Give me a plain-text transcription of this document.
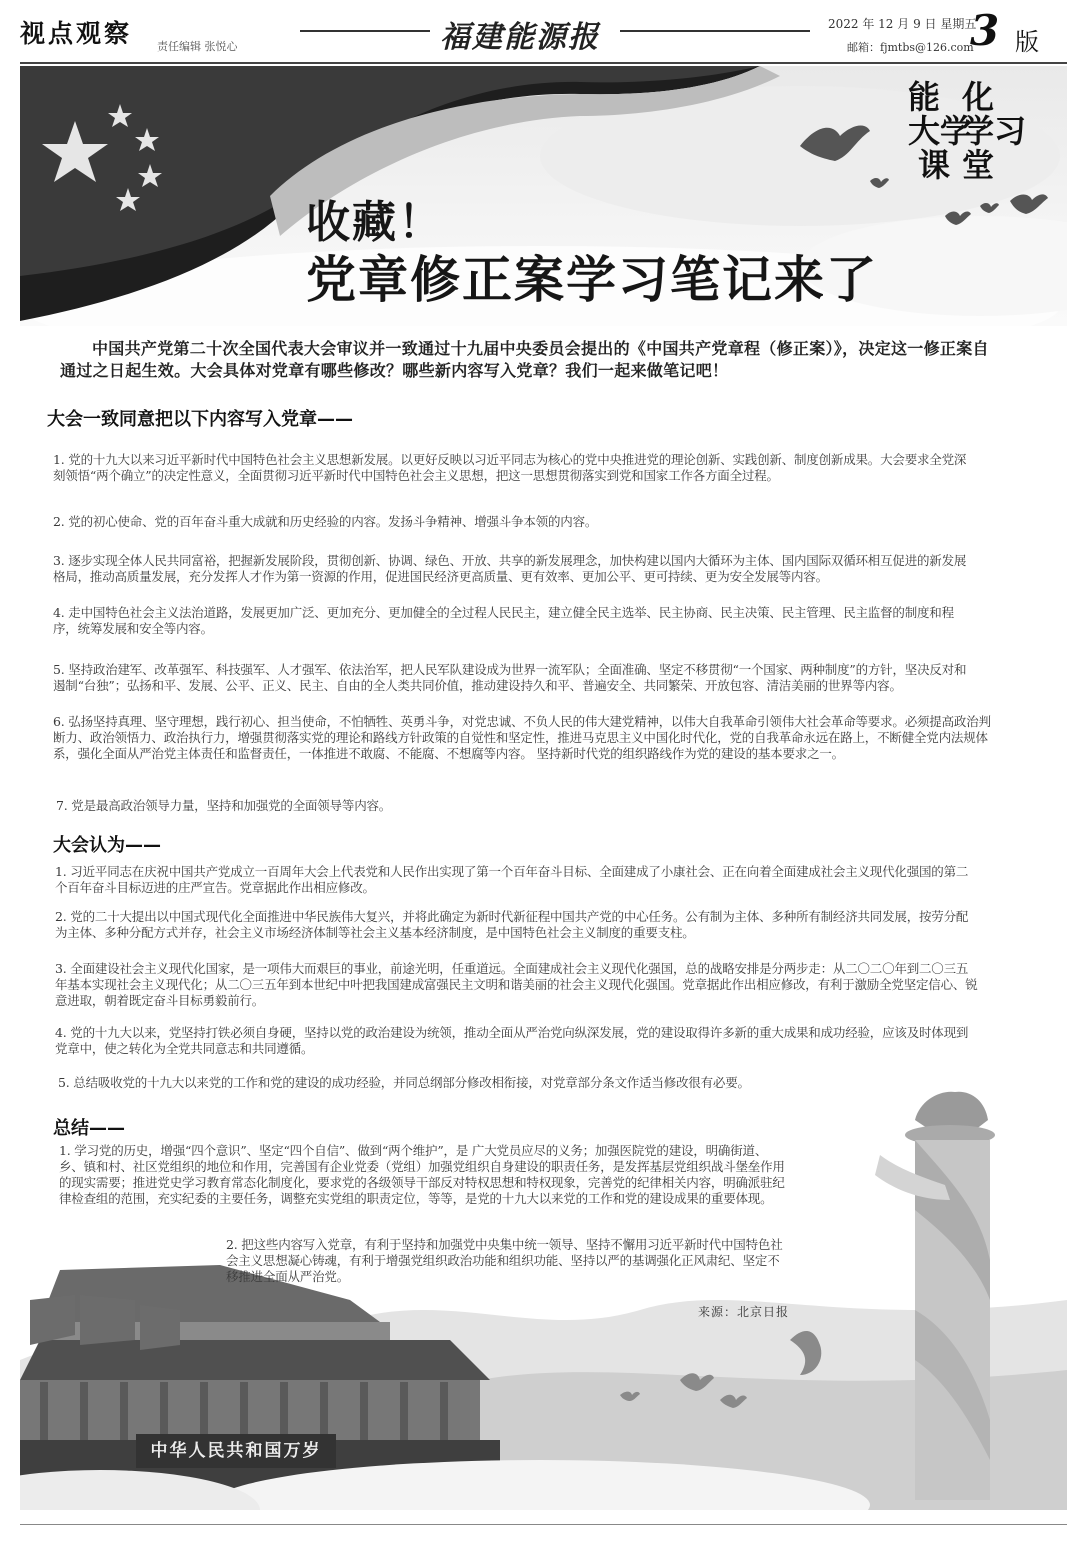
视点观察 责任编辑 张悦心	福建能源报	2022 年 12 月 9 日 星期五
邮箱：fjmtbs@126.com
3 版
收藏！
党章修正案学习笔记来了
能
大学
课
化
学习
堂
中国共产党第二十次全国代表大会审议并一致通过十九届中央委员会提出的《中国共产党章程（修正案）》，决定这一修正案自通过之日起生效。大会具体对党章有哪些修改？哪些新内容写入党章？我们一起来做笔记吧！
大会一致同意把以下内容写入党章——
1. 党的十九大以来习近平新时代中国特色社会主义思想新发展。以更好反映以习近平同志为核心的党中央推进党的理论创新、实践创新、制度创新成果。大会要求全党深刻领悟“两个确立”的决定性意义，全面贯彻习近平新时代中国特色社会主义思想，把这一思想贯彻落实到党和国家工作各方面全过程。
2. 党的初心使命、党的百年奋斗重大成就和历史经验的内容。发扬斗争精神、增强斗争本领的内容。
3. 逐步实现全体人民共同富裕，把握新发展阶段，贯彻创新、协调、绿色、开放、共享的新发展理念，加快构建以国内大循环为主体、国内国际双循环相互促进的新发展格局，推动高质量发展，充分发挥人才作为第一资源的作用，促进国民经济更高质量、更有效率、更加公平、更可持续、更为安全发展等内容。
4. 走中国特色社会主义法治道路，发展更加广泛、更加充分、更加健全的全过程人民民主，建立健全民主选举、民主协商、民主决策、民主管理、民主监督的制度和程序，统筹发展和安全等内容。
5. 坚持政治建军、改革强军、科技强军、人才强军、依法治军，把人民军队建设成为世界一流军队；全面准确、坚定不移贯彻“一个国家、两种制度”的方针，坚决反对和遏制“台独”；弘扬和平、发展、公平、正义、民主、自由的全人类共同价值，推动建设持久和平、普遍安全、共同繁荣、开放包容、清洁美丽的世界等内容。
6. 弘扬坚持真理、坚守理想，践行初心、担当使命，不怕牺牲、英勇斗争，对党忠诚、不负人民的伟大建党精神，以伟大自我革命引领伟大社会革命等要求。必须提高政治判断力、政治领悟力、政治执行力，增强贯彻落实党的理论和路线方针政策的自觉性和坚定性，推进马克思主义中国化时代化，党的自我革命永远在路上，不断健全党内法规体系，强化全面从严治党主体责任和监督责任，一体推进不敢腐、不能腐、不想腐等内容。 坚持新时代党的组织路线作为党的建设的基本要求之一。
7. 党是最高政治领导力量，坚持和加强党的全面领导等内容。
大会认为——
1. 习近平同志在庆祝中国共产党成立一百周年大会上代表党和人民作出实现了第一个百年奋斗目标、全面建成了小康社会、正在向着全面建成社会主义现代化强国的第二个百年奋斗目标迈进的庄严宣告。党章据此作出相应修改。
2. 党的二十大提出以中国式现代化全面推进中华民族伟大复兴，并将此确定为新时代新征程中国共产党的中心任务。公有制为主体、多种所有制经济共同发展，按劳分配为主体、多种分配方式并存，社会主义市场经济体制等社会主义基本经济制度，是中国特色社会主义制度的重要支柱。
3. 全面建设社会主义现代化国家，是一项伟大而艰巨的事业，前途光明，任重道远。全面建成社会主义现代化强国，总的战略安排是分两步走：从二〇二〇年到二〇三五年基本实现社会主义现代化；从二〇三五年到本世纪中叶把我国建成富强民主文明和谐美丽的社会主义现代化强国。党章据此作出相应修改，有利于激励全党坚定信心、锐意进取，朝着既定奋斗目标勇毅前行。
4. 党的十九大以来，党坚持打铁必须自身硬，坚持以党的政治建设为统领，推动全面从严治党向纵深发展，党的建设取得许多新的重大成果和成功经验，应该及时体现到党章中，使之转化为全党共同意志和共同遵循。
5. 总结吸收党的十九大以来党的工作和党的建设的成功经验，并同总纲部分修改相衔接，对党章部分条文作适当修改很有必要。
中华人民共和国万岁
总结——
1. 学习党的历史，增强“四个意识”、坚定“四个自信”、做到“两个维护”，是 广大党员应尽的义务；加强医院党的建设，明确街道、乡、镇和村、社区党组织的地位和作用，完善国有企业党委（党组）加强党组织自身建设的职责任务，是发挥基层党组织战斗堡垒作用的现实需要；推进党史学习教育常态化制度化，要求党的各级领导干部反对特权思想和特权现象，完善党的纪律相关内容，明确派驻纪律检查组的范围，充实纪委的主要任务，调整充实党组的职责定位，等等，是党的十九大以来党的工作和党的建设成果的重要体现。
2. 把这些内容写入党章，有利于坚持和加强党中央集中统一领导、坚持不懈用习近平新时代中国特色社会主义思想凝心铸魂，有利于增强党组织政治功能和组织功能、坚持以严的基调强化正风肃纪、坚定不移推进全面从严治党。
来源：北京日报
